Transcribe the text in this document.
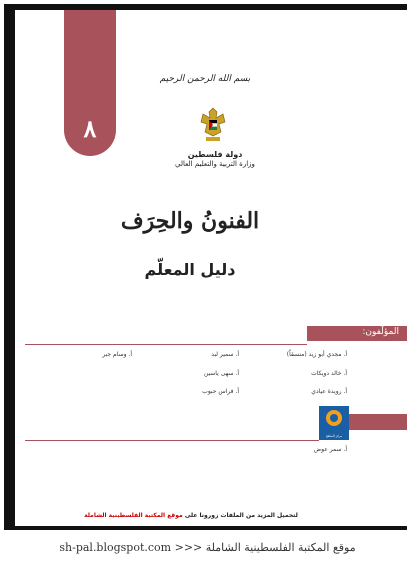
٨
بسم الله الرحمن الرحيم
دولة فلسطين
وزارة التربية والتعليم العالي
الفنونُ والحِرَف
دليل المعلّم
المؤلِّفون:
أ. مجدي أبو زيد (منسقاً)
أ. خالد دويكات
أ. رويدة عيادي
أ. سمير لبد
أ. سهى ياسين
أ. فراس حبوب
أ. وسام جبر
مركز المناهج
أ. سمر عوض
لتحميل المزيد من الملفات زورونا على موقع المكتبة الفلسطينية الشاملة
موقع المكتبة الفلسطينية الشاملة <<< sh-pal.blogspot.com
